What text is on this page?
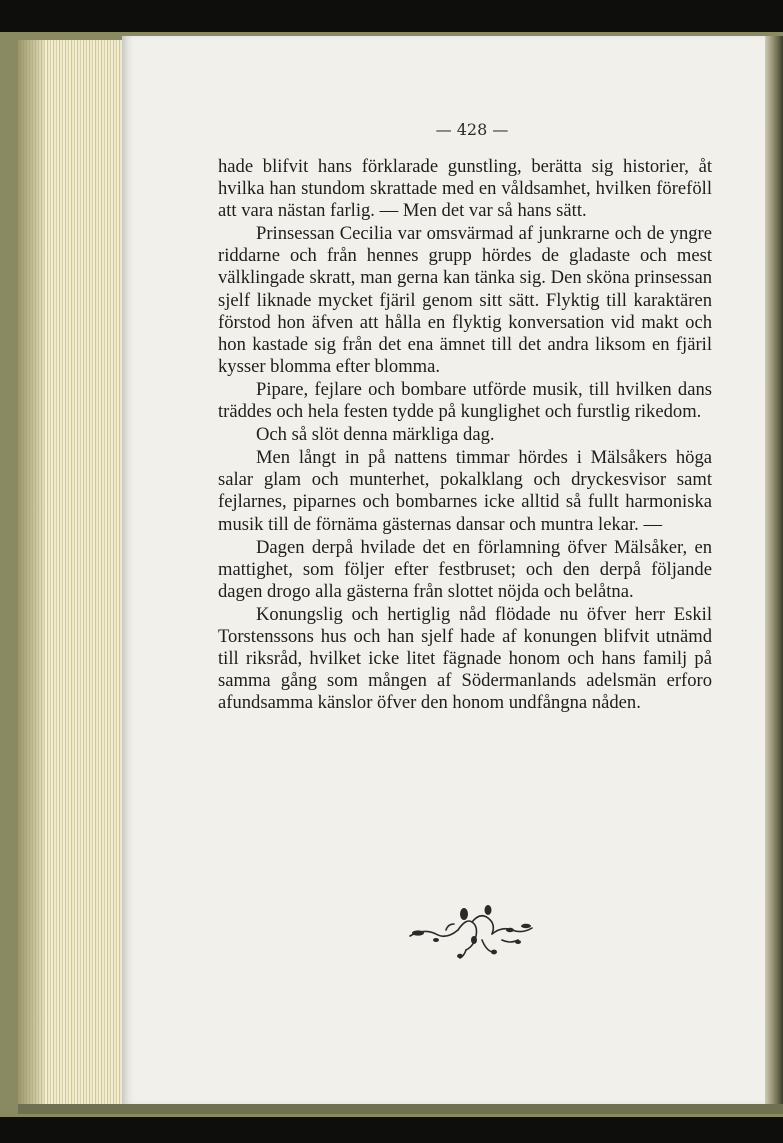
— 428 —

hade blifvit hans förklarade gunstling, berätta sig historier, åt hvilka han stundom skrattade med en våldsamhet, hvilken föreföll att vara nästan farlig. — Men det var så hans sätt.

Prinsessan Cecilia var omsvärmad af junkrarne och de yngre riddarne och från hennes grupp hördes de gladaste och mest välklingade skratt, man gerna kan tänka sig. Den sköna prinsessan sjelf liknade mycket fjäril genom sitt sätt. Flyktig till karaktären förstod hon äfven att hålla en flyktig konversation vid makt och hon kastade sig från det ena ämnet till det andra liksom en fjäril kysser blomma efter blomma.

Pipare, fejlare och bombare utförde musik, till hvilken dans träddes och hela festen tydde på kunglighet och furstlig rikedom.

Och så slöt denna märkliga dag.

Men långt in på nattens timmar hördes i Mälsåkers höga salar glam och munterhet, pokalklang och dryckesvisor samt fejlarnes, piparnes och bombarnes icke alltid så fullt harmoniska musik till de förnäma gästernas dansar och muntra lekar. —

Dagen derpå hvilade det en förlamning öfver Mälsåker, en mattighet, som följer efter festbruset; och den derpå följande dagen drogo alla gästerna från slottet nöjda och belåtna.

Konungslig och hertiglig nåd flödade nu öfver herr Eskil Torstenssons hus och han sjelf hade af konungen blifvit utnämd till riksråd, hvilket icke litet fägnade honom och hans familj på samma gång som mången af Södermanlands adelsmän erforo afundsamma känslor öfver den honom undfångna nåden.
